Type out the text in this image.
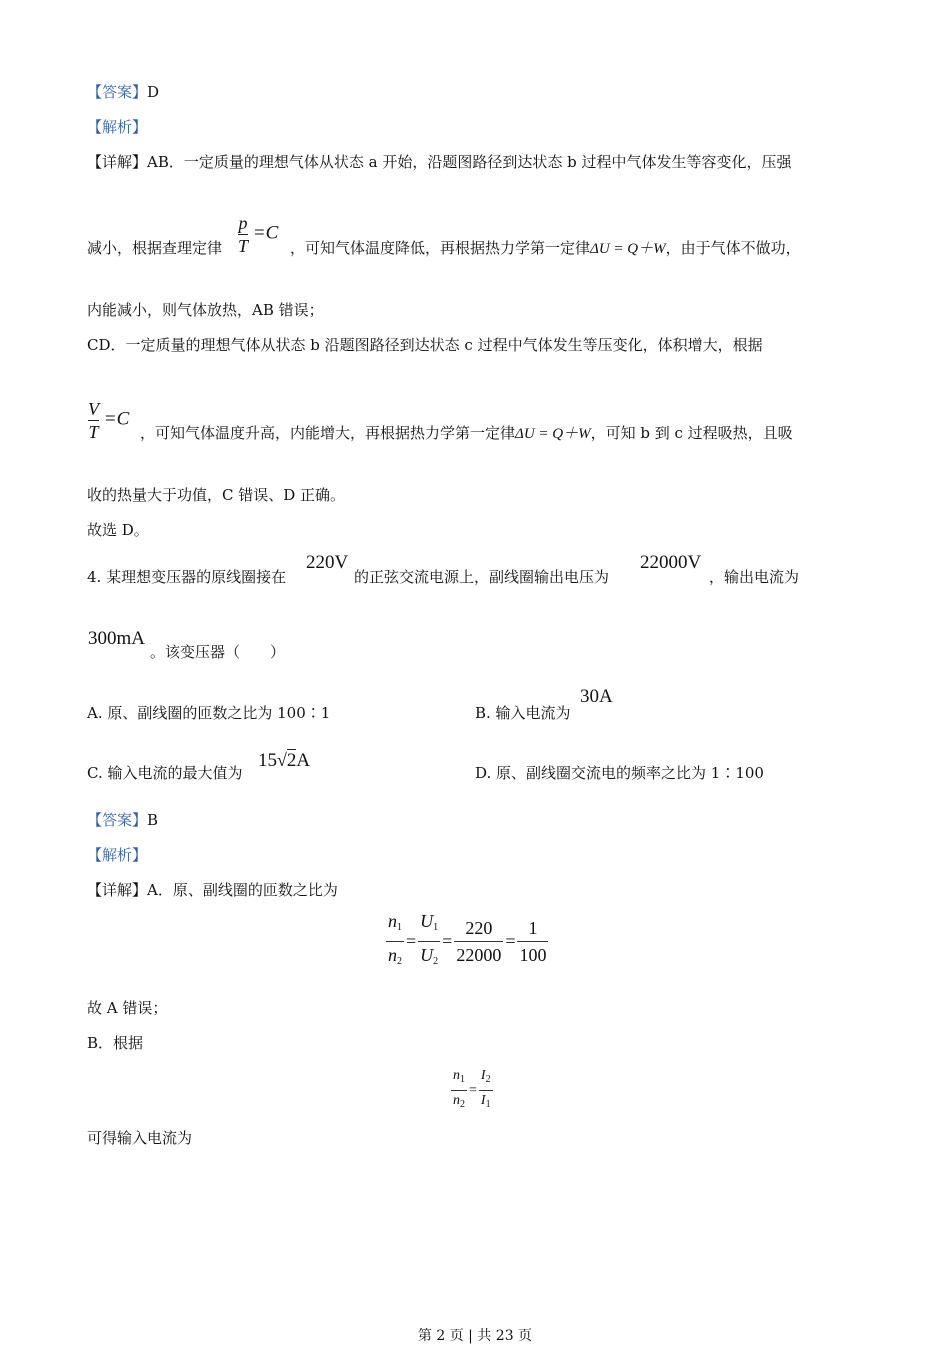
【答案】D
【解析】
【详解】AB．一定质量的理想气体从状态 a 开始，沿题图路径到达状态 b 过程中气体发生等容变化，压强
减小，根据查理定律 $\frac{p}{T} =C$
，可知气体温度降低，再根据热力学第一定律ΔU = Q＋W，由于气体不做功，
内能减小，则气体放热，AB 错误；
CD．一定质量的理想气体从状态 b 沿题图路径到达状态 c 过程中气体发生等压变化，体积增大，根据
$\frac{V}{T} =C$
，可知气体温度升高，内能增大，再根据热力学第一定律ΔU = Q＋W，可知 b 到 c 过程吸热，且吸
收的热量大于功值，C 错误、D 正确。
故选 D。
4. 某理想变压器的原线圈接在
220V
的正弦交流电源上，副线圈输出电压为
22000V
，输出电流为
300mA
。该变压器（　　）
A. 原、副线圈的匝数之比为 100∶1	B. 输入电流为
30A
C. 输入电流的最大值为
15√2A
D. 原、副线圈交流电的频率之比为 1∶100
【答案】B
【解析】
【详解】A．原、副线圈的匝数之比为
$n_1$
$n_2$
=
$U_1$
$U_2$
=
220
22000
=
1
100
故 A 错误；
B．根据
$n_1$
$n_2$
=
$I_2$
$I_1$
可得输入电流为
第 2 页 | 共 23 页
